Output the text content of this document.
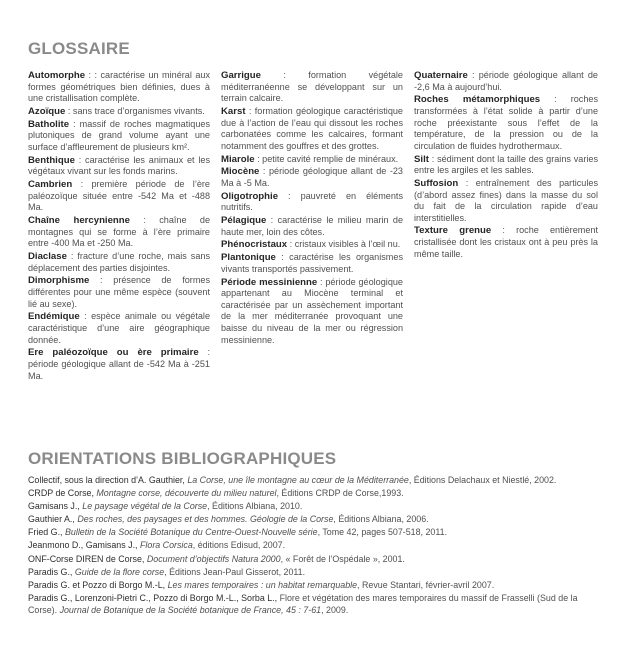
GLOSSAIRE

Automorphe : : caractérise un minéral aux formes géométriques bien définies, dues à une cristallisation complète.

Azoïque : sans trace d’organismes vivants.

Batholite : massif de roches magmatiques plutoniques de grand volume ayant une surface d’affleurement de plusieurs km².

Benthique : caractérise les animaux et les végétaux vivant sur les fonds marins.

Cambrien : première période de l’ère paléozoïque située entre -542 Ma et -488 Ma.

Chaîne hercynienne : chaîne de montagnes qui se forme à l’ère primaire entre -400 Ma et -250 Ma.

Diaclase : fracture d’une roche, mais sans déplacement des parties disjointes.

Dimorphisme : présence de formes différentes pour une même espèce (souvent lié au sexe).

Endémique : espèce animale ou végétale caractéristique d’une aire géographique donnée.

Ere paléozoïque ou ère primaire : période géologique allant de -542 Ma à -251 Ma.

Garrigue : formation végétale méditerranéenne se développant sur un terrain calcaire.

Karst : formation géologique caractéristique due à l’action de l’eau qui dissout les roches carbonatées comme les calcaires, formant notamment des gouffres et des grottes.

Miarole : petite cavité remplie de minéraux.

Miocène : période géologique allant de -23 Ma à -5 Ma.

Oligotrophie : pauvreté en éléments nutritifs.

Pélagique : caractérise le milieu marin de haute mer, loin des côtes.

Phénocristaux : cristaux visibles à l’œil nu.

Plantonique : caractérise les organismes vivants transportés passivement.

Période messinienne : période géologique appartenant au Miocène terminal et caractérisée par un assèchement important de la mer méditerranée provoquant une baisse du niveau de la mer ou régression messinienne.

Quaternaire : période géologique allant de -2,6 Ma à aujourd’hui.

Roches métamorphiques : roches transformées à l’état solide à partir d’une roche préexistante sous l’effet de la température, de la pression ou de la circulation de fluides hydrothermaux.

Silt : sédiment dont la taille des grains varies entre les argiles et les sables.

Suffosion : entraînement des particules (d’abord assez fines) dans la masse du sol du fait de la circulation rapide d’eau interstitielles.

Texture grenue : roche entièrement cristallisée dont les cristaux ont à peu près la même taille.

ORIENTATIONS BIBLIOGRAPHIQUES

Collectif, sous la direction d’A. Gauthier, La Corse, une île montagne au cœur de la Méditerranée, Éditions Delachaux et Niestlé, 2002.

CRDP de Corse, Montagne corse, découverte du milieu naturel, Éditions CRDP de Corse,1993.

Gamisans J., Le paysage végétal de la Corse, Éditions Albiana, 2010.

Gauthier A., Des roches, des paysages et des hommes. Géologie de la Corse, Éditions Albiana, 2006.

Fried G., Bulletin de la Société Botanique du Centre-Ouest-Nouvelle série, Tome 42, pages 507-518, 2011.

Jeanmono D., Gamisans J., Flora Corsica, éditions Edisud, 2007.

ONF-Corse DIREN de Corse, Document d’objectifs Natura 2000, « Forêt de l’Ospédale », 2001.

Paradis G., Guide de la flore corse, Éditions Jean-Paul Gisserot, 2011.

Paradis G. et Pozzo di Borgo M.-L, Les mares temporaires : un habitat remarquable, Revue Stantari, février-avril 2007.

Paradis G., Lorenzoni-Pietri C., Pozzo di Borgo M.-L., Sorba L., Flore et végétation des mares temporaires du massif de Frasselli (Sud de la Corse). Journal de Botanique de la Société botanique de France, 45 : 7-61, 2009.
